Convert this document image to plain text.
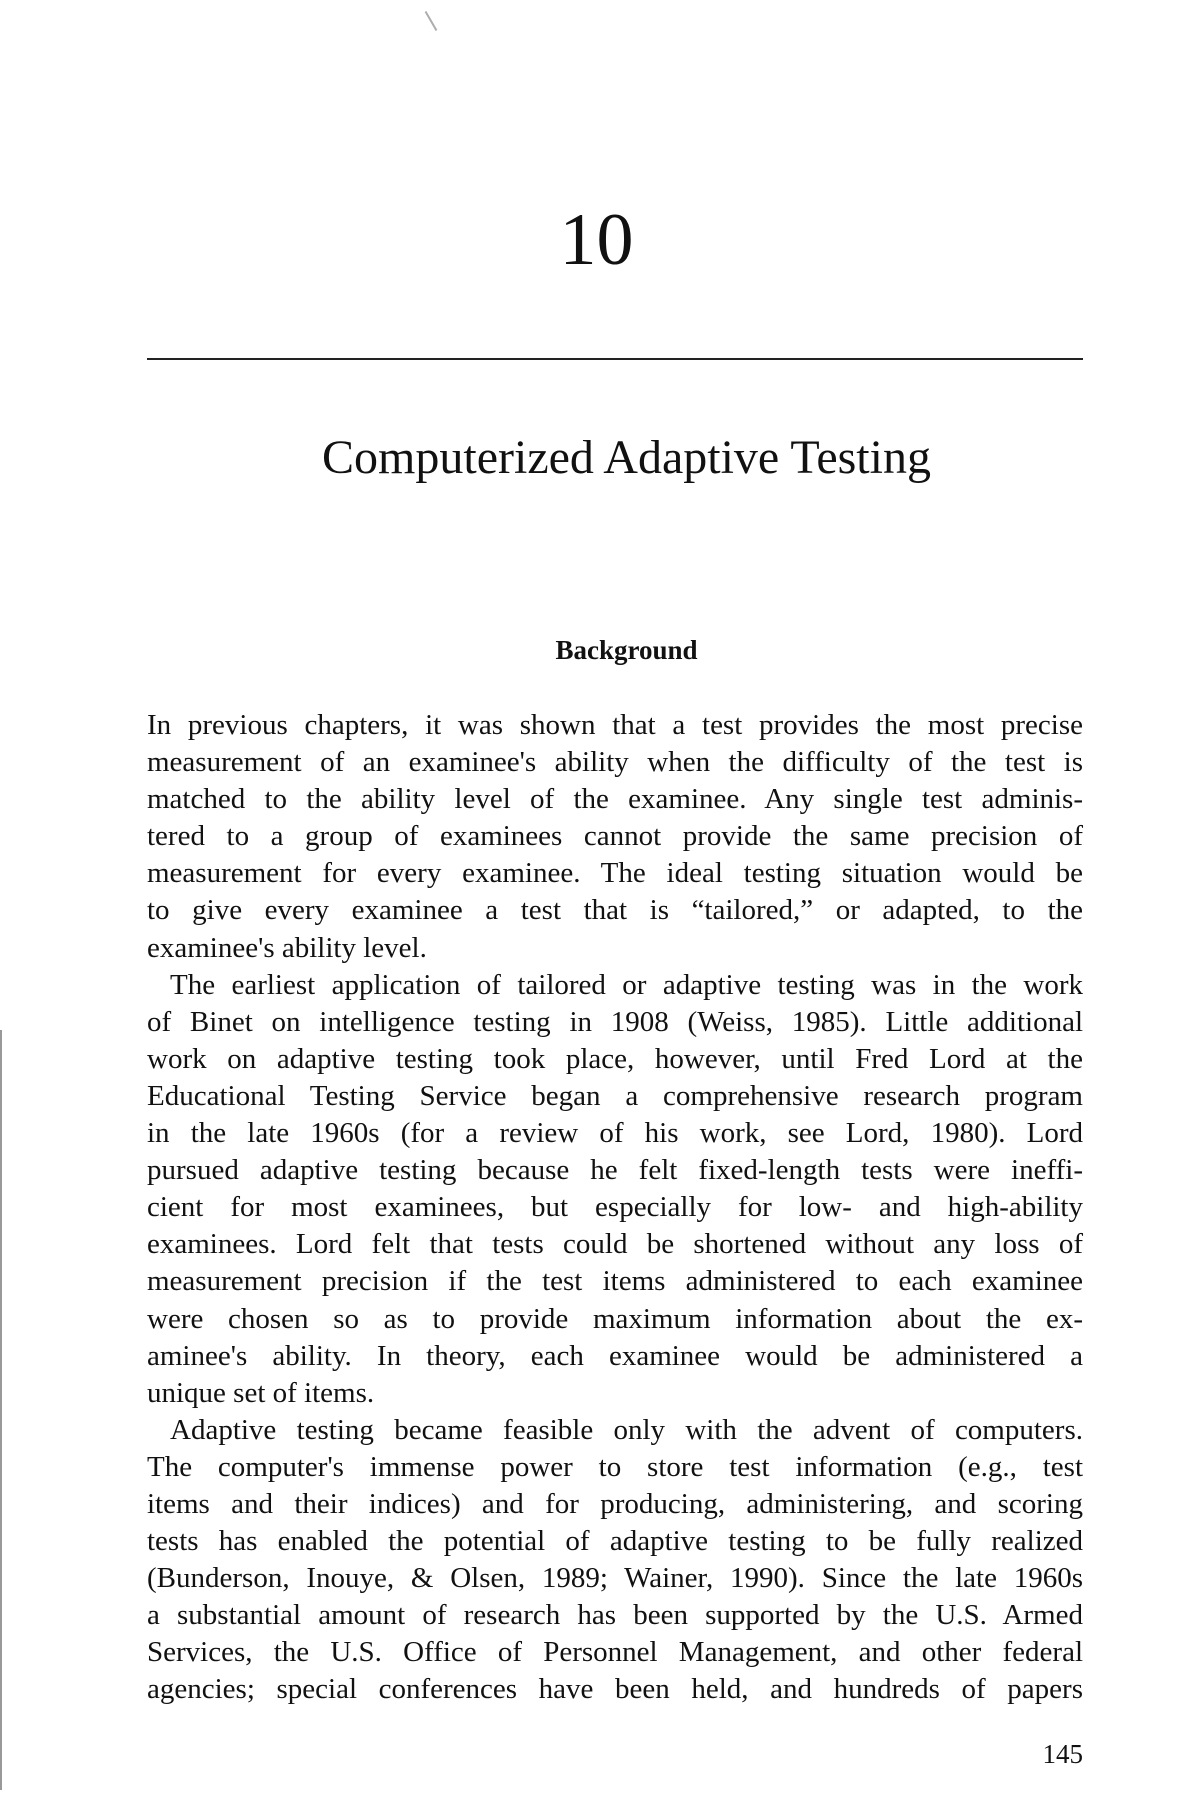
10
Computerized Adaptive Testing
Background
In previous chapters, it was shown that a test provides the most precise
measurement of an examinee's ability when the difficulty of the test is
matched to the ability level of the examinee. Any single test adminis-
tered to a group of examinees cannot provide the same precision of
measurement for every examinee. The ideal testing situation would be
to give every examinee a test that is “tailored,” or adapted, to the
examinee's ability level.
The earliest application of tailored or adaptive testing was in the work
of Binet on intelligence testing in 1908 (Weiss, 1985). Little additional
work on adaptive testing took place, however, until Fred Lord at the
Educational Testing Service began a comprehensive research program
in the late 1960s (for a review of his work, see Lord, 1980). Lord
pursued adaptive testing because he felt fixed-length tests were ineffi-
cient for most examinees, but especially for low- and high-ability
examinees. Lord felt that tests could be shortened without any loss of
measurement precision if the test items administered to each examinee
were chosen so as to provide maximum information about the ex-
aminee's ability. In theory, each examinee would be administered a
unique set of items.
Adaptive testing became feasible only with the advent of computers.
The computer's immense power to store test information (e.g., test
items and their indices) and for producing, administering, and scoring
tests has enabled the potential of adaptive testing to be fully realized
(Bunderson, Inouye, & Olsen, 1989; Wainer, 1990). Since the late 1960s
a substantial amount of research has been supported by the U.S. Armed
Services, the U.S. Office of Personnel Management, and other federal
agencies; special conferences have been held, and hundreds of papers
145
